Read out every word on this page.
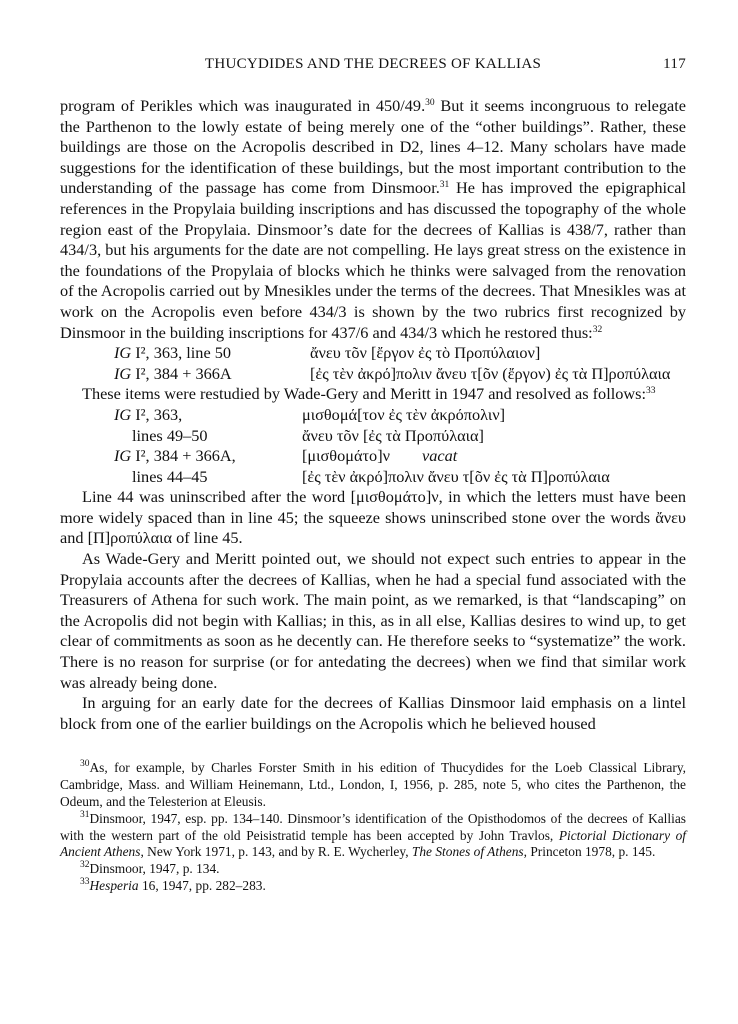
THUCYDIDES AND THE DECREES OF KALLIAS	117

program of Perikles which was inaugurated in 450/49.30 But it seems incongruous to relegate the Parthenon to the lowly estate of being merely one of the “other buildings”. Rather, these buildings are those on the Acropolis described in D2, lines 4–12. Many scholars have made suggestions for the identification of these buildings, but the most important contribution to the understanding of the passage has come from Dinsmoor.$^{31}$ He has improved the epigraphical references in the Propylaia building inscriptions and has discussed the topography of the whole region east of the Propylaia. Dinsmoor’s date for the decrees of Kallias is 438/7, rather than 434/3, but his arguments for the date are not compelling. He lays great stress on the existence in the foundations of the Propylaia of blocks which he thinks were salvaged from the renovation of the Acropolis carried out by Mnesikles under the terms of the decrees. That Mnesikles was at work on the Acropolis even before 434/3 is shown by the two rubrics first recognized by Dinsmoor in the building inscriptions for 437/6 and 434/3 which he restored thus:$^{32}$

IG I², 363, line 50	ἄνευ τõν [ἔργον ἐς τὸ Προπύλαιον]
IG I², 384 + 366A	[ἐς τὲν ἀκρό]πολιν ἄνευ τ[õν (ἔργον) ἐς τὰ Π]ροπύλαια

These items were restudied by Wade-Gery and Meritt in 1947 and resolved as follows:$^{33}$

IG I², 363,	μισθομά[τον ἐς τὲν ἀκρόπολιν]
lines 49–50	ἄνευ τõν [ἐς τὰ Προπύλαια]
IG I², 384 + 366A,	[μισθομάτο]ν	vacat
lines 44–45	[ἐς τὲν ἀκρό]πολιν ἄνευ τ[õν ἐς τὰ Π]ροπύλαια

Line 44 was uninscribed after the word [μισθομάτο]ν, in which the letters must have been more widely spaced than in line 45; the squeeze shows uninscribed stone over the words ἄνευ and [Π]ροπύλαια of line 45.

As Wade-Gery and Meritt pointed out, we should not expect such entries to appear in the Propylaia accounts after the decrees of Kallias, when he had a special fund associated with the Treasurers of Athena for such work. The main point, as we remarked, is that “landscaping” on the Acropolis did not begin with Kallias; in this, as in all else, Kallias desires to wind up, to get clear of commitments as soon as he decently can. He therefore seeks to “systematize” the work. There is no reason for surprise (or for antedating the decrees) when we find that similar work was already being done.

In arguing for an early date for the decrees of Kallias Dinsmoor laid emphasis on a lintel block from one of the earlier buildings on the Acropolis which he believed housed

$^{30}$As, for example, by Charles Forster Smith in his edition of Thucydides for the Loeb Classical Library, Cambridge, Mass. and William Heinemann, Ltd., London, I, 1956, p. 285, note 5, who cites the Parthenon, the Odeum, and the Telesterion at Eleusis.

$^{31}$Dinsmoor, 1947, esp. pp. 134–140. Dinsmoor’s identification of the Opisthodomos of the decrees of Kallias with the western part of the old Peisistratid temple has been accepted by John Travlos, Pictorial Dictionary of Ancient Athens, New York 1971, p. 143, and by R. E. Wycherley, The Stones of Athens, Princeton 1978, p. 145.

$^{32}$Dinsmoor, 1947, p. 134.

$^{33}$Hesperia 16, 1947, pp. 282–283.
